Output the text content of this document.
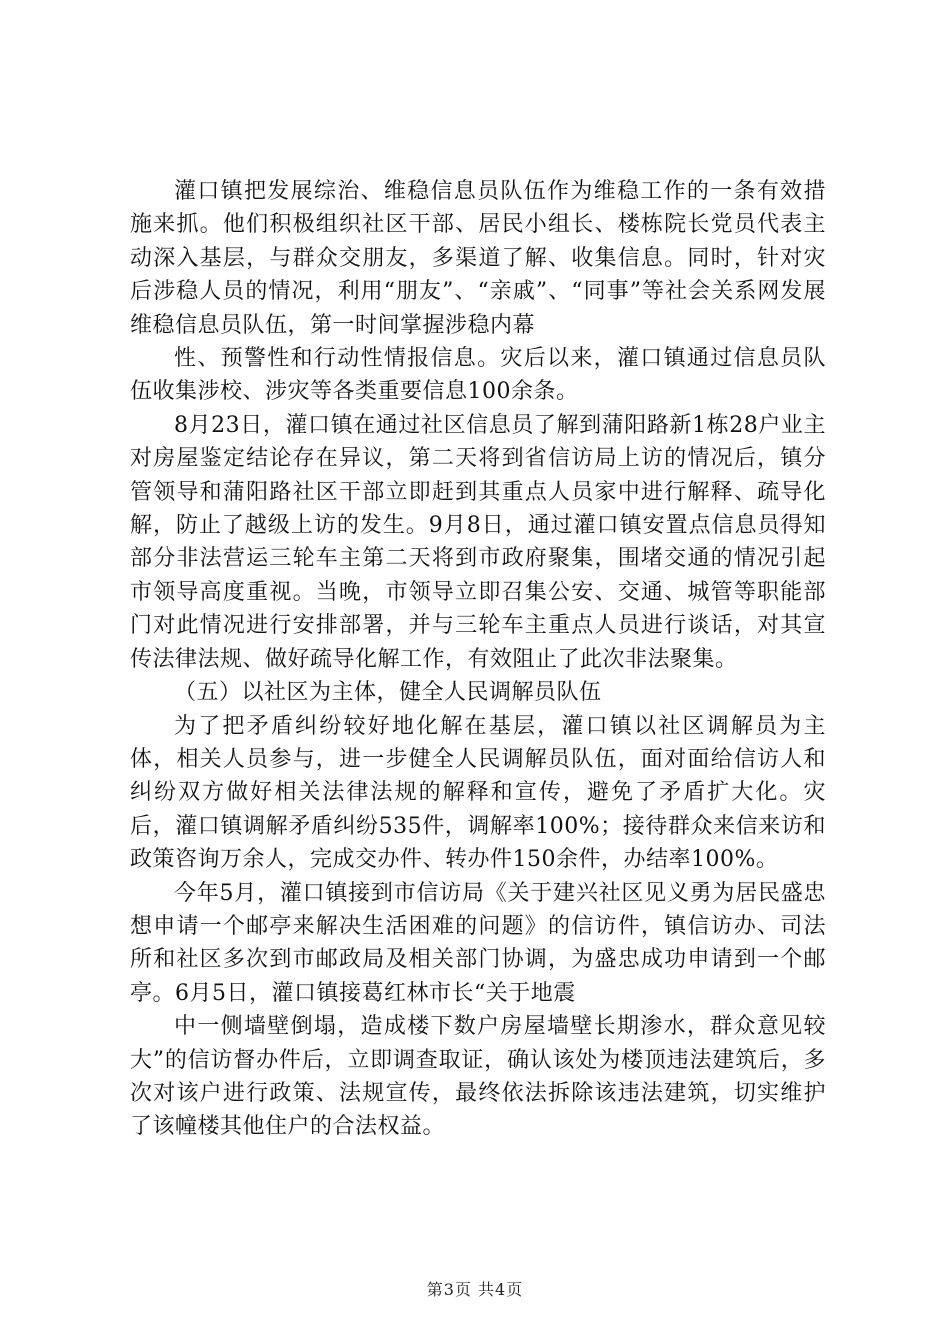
灌口镇把发展综治、维稳信息员队伍作为维稳工作的一条有效措施来抓。他们积极组织社区干部、居民小组长、楼栋院长党员代表主动深入基层，与群众交朋友，多渠道了解、收集信息。同时，针对灾后涉稳人员的情况，利用“朋友”、“亲戚”、“同事”等社会关系网发展维稳信息员队伍，第一时间掌握涉稳内幕

性、预警性和行动性情报信息。灾后以来，灌口镇通过信息员队伍收集涉校、涉灾等各类重要信息100余条。

8月23日，灌口镇在通过社区信息员了解到蒲阳路新1栋28户业主对房屋鉴定结论存在异议，第二天将到省信访局上访的情况后，镇分管领导和蒲阳路社区干部立即赶到其重点人员家中进行解释、疏导化解，防止了越级上访的发生。9月8日，通过灌口镇安置点信息员得知部分非法营运三轮车主第二天将到市政府聚集，围堵交通的情况引起市领导高度重视。当晚，市领导立即召集公安、交通、城管等职能部门对此情况进行安排部署，并与三轮车主重点人员进行谈话，对其宣传法律法规、做好疏导化解工作，有效阻止了此次非法聚集。

（五）以社区为主体，健全人民调解员队伍

为了把矛盾纠纷较好地化解在基层，灌口镇以社区调解员为主体，相关人员参与，进一步健全人民调解员队伍，面对面给信访人和纠纷双方做好相关法律法规的解释和宣传，避免了矛盾扩大化。灾后，灌口镇调解矛盾纠纷535件，调解率100%；接待群众来信来访和政策咨询万余人，完成交办件、转办件150余件，办结率100%。

今年5月，灌口镇接到市信访局《关于建兴社区见义勇为居民盛忠想申请一个邮亭来解决生活困难的问题》的信访件，镇信访办、司法所和社区多次到市邮政局及相关部门协调，为盛忠成功申请到一个邮亭。6月5日，灌口镇接葛红林市长“关于地震

中一侧墙壁倒塌，造成楼下数户房屋墙壁长期渗水，群众意见较大”的信访督办件后，立即调查取证，确认该处为楼顶违法建筑后，多次对该户进行政策、法规宣传，最终依法拆除该违法建筑，切实维护了该幢楼其他住户的合法权益。

第3页 共4页
